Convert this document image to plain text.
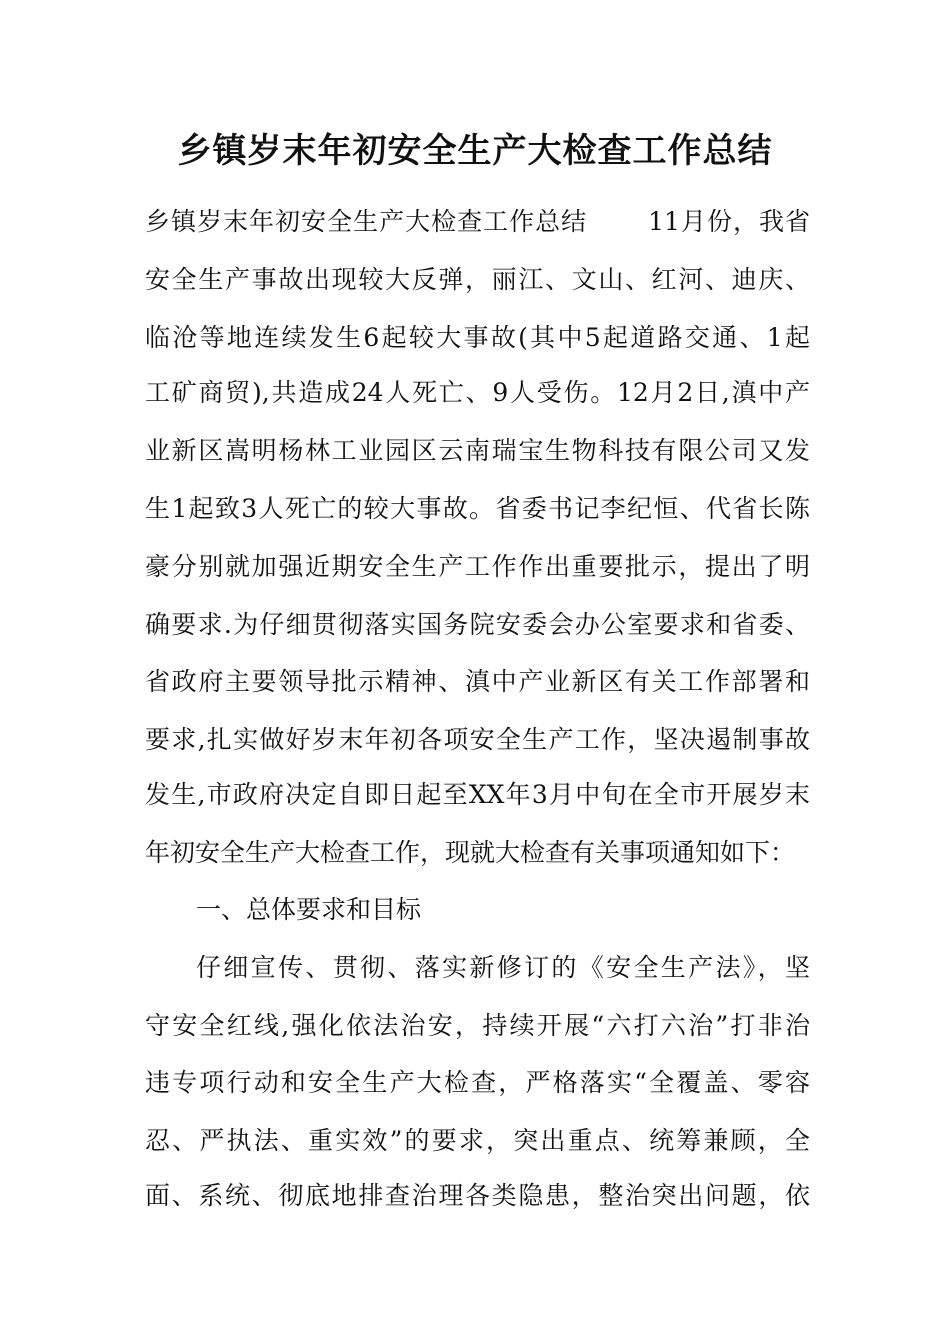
乡镇岁末年初安全生产大检查工作总结
乡镇岁末年初安全生产大检查工作总结　　 11月份，我省
安全生产事故出现较大反弹，丽江、文山、红河、迪庆、
临沧等地连续发生6起较大事故(其中5起道路交通、1起
工矿商贸),共造成24人死亡、9人受伤。12月2日,滇中产
业新区嵩明杨林工业园区云南瑞宝生物科技有限公司又发
生1起致3人死亡的较大事故。省委书记李纪恒、代省长陈
豪分别就加强近期安全生产工作作出重要批示，提出了明
确要求.为仔细贯彻落实国务院安委会办公室要求和省委、
省政府主要领导批示精神、滇中产业新区有关工作部署和
要求,扎实做好岁末年初各项安全生产工作，坚决遏制事故
发生,市政府决定自即日起至XX年3月中旬在全市开展岁末
年初安全生产大检查工作，现就大检查有关事项通知如下：
一、总体要求和目标
仔细宣传、贯彻、落实新修订的《安全生产法》，坚
守安全红线,强化依法治安，持续开展“六打六治”打非治
违专项行动和安全生产大检查，严格落实“全覆盖、零容
忍、严执法、重实效”的要求，突出重点、统筹兼顾，全
面、系统、彻底地排查治理各类隐患，整治突出问题，依
